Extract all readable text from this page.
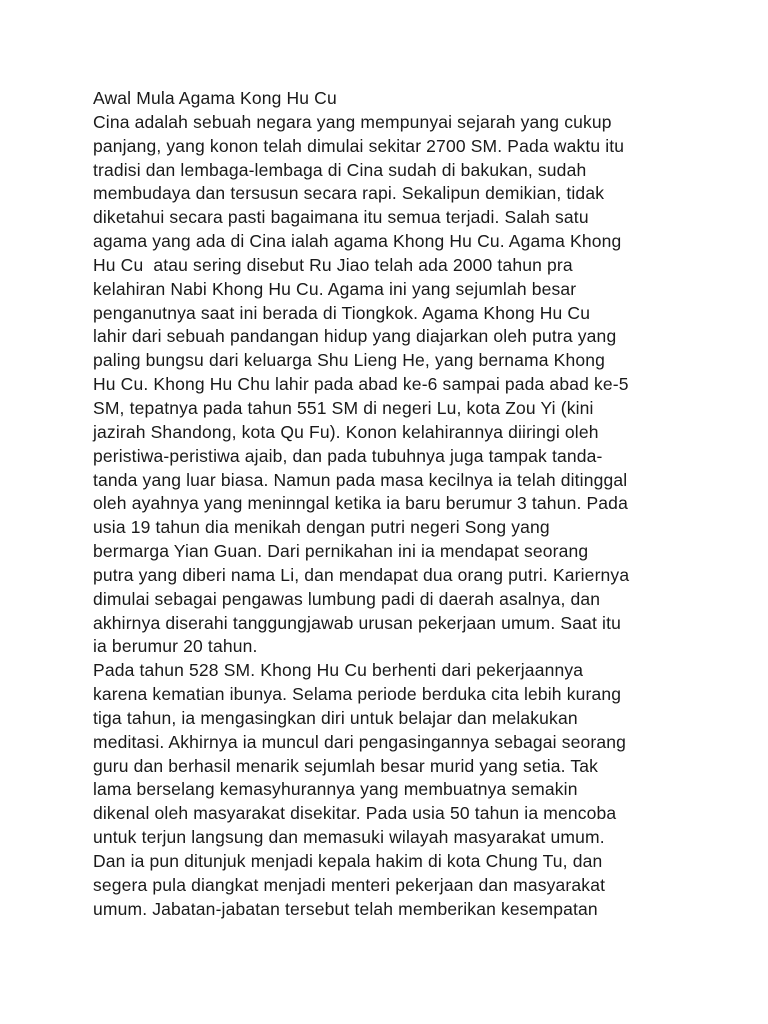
Awal Mula Agama Kong Hu Cu
Cina adalah sebuah negara yang mempunyai sejarah yang cukup
panjang, yang konon telah dimulai sekitar 2700 SM. Pada waktu itu
tradisi dan lembaga-lembaga di Cina sudah di bakukan, sudah
membudaya dan tersusun secara rapi. Sekalipun demikian, tidak
diketahui secara pasti bagaimana itu semua terjadi. Salah satu
agama yang ada di Cina ialah agama Khong Hu Cu. Agama Khong
Hu Cu  atau sering disebut Ru Jiao telah ada 2000 tahun pra
kelahiran Nabi Khong Hu Cu. Agama ini yang sejumlah besar
penganutnya saat ini berada di Tiongkok. Agama Khong Hu Cu
lahir dari sebuah pandangan hidup yang diajarkan oleh putra yang
paling bungsu dari keluarga Shu Lieng He, yang bernama Khong
Hu Cu. Khong Hu Chu lahir pada abad ke-6 sampai pada abad ke-5
SM, tepatnya pada tahun 551 SM di negeri Lu, kota Zou Yi (kini
jazirah Shandong, kota Qu Fu). Konon kelahirannya diiringi oleh
peristiwa-peristiwa ajaib, dan pada tubuhnya juga tampak tanda-
tanda yang luar biasa. Namun pada masa kecilnya ia telah ditinggal
oleh ayahnya yang meninngal ketika ia baru berumur 3 tahun. Pada
usia 19 tahun dia menikah dengan putri negeri Song yang
bermarga Yian Guan. Dari pernikahan ini ia mendapat seorang
putra yang diberi nama Li, dan mendapat dua orang putri. Kariernya
dimulai sebagai pengawas lumbung padi di daerah asalnya, dan
akhirnya diserahi tanggungjawab urusan pekerjaan umum. Saat itu
ia berumur 20 tahun.
Pada tahun 528 SM. Khong Hu Cu berhenti dari pekerjaannya
karena kematian ibunya. Selama periode berduka cita lebih kurang
tiga tahun, ia mengasingkan diri untuk belajar dan melakukan
meditasi. Akhirnya ia muncul dari pengasingannya sebagai seorang
guru dan berhasil menarik sejumlah besar murid yang setia. Tak
lama berselang kemasyhurannya yang membuatnya semakin
dikenal oleh masyarakat disekitar. Pada usia 50 tahun ia mencoba
untuk terjun langsung dan memasuki wilayah masyarakat umum.
Dan ia pun ditunjuk menjadi kepala hakim di kota Chung Tu, dan
segera pula diangkat menjadi menteri pekerjaan dan masyarakat
umum. Jabatan-jabatan tersebut telah memberikan kesempatan
